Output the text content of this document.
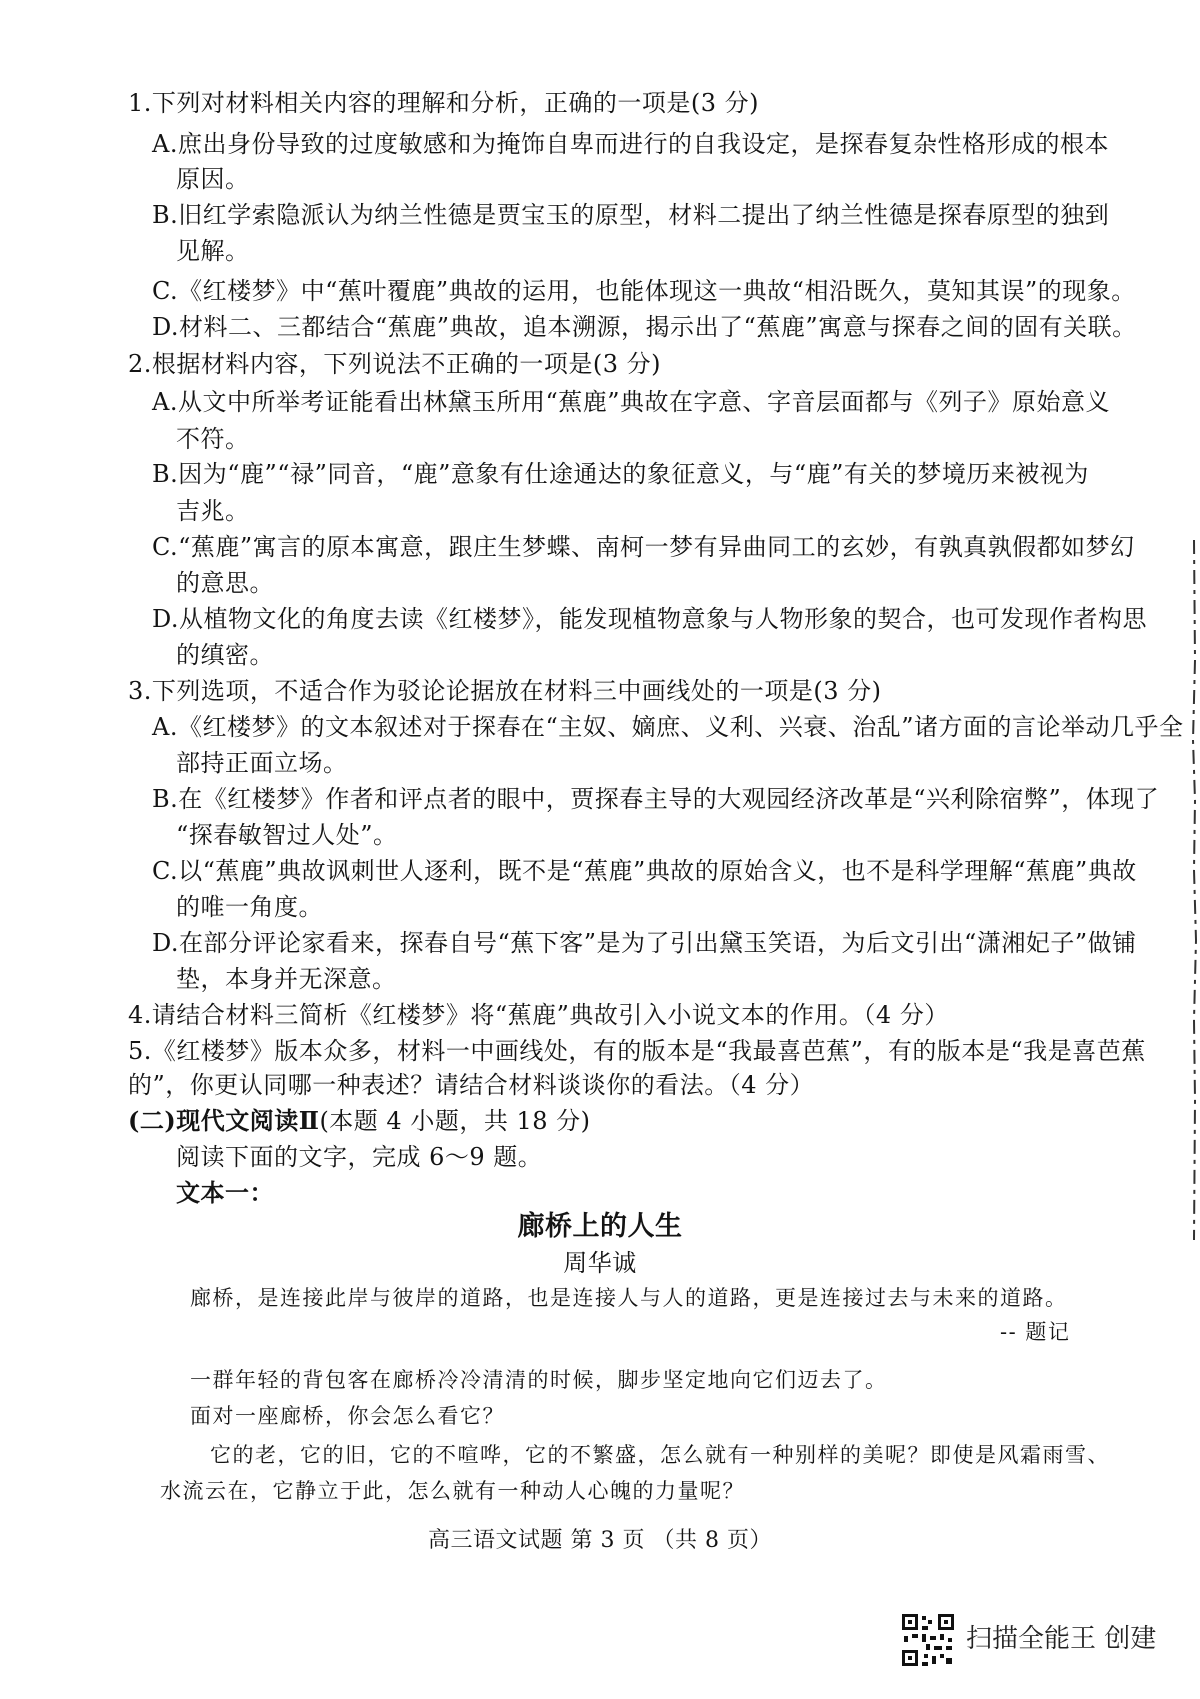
1.下列对材料相关内容的理解和分析，正确的一项是(3 分)
A.庶出身份导致的过度敏感和为掩饰自卑而进行的自我设定，是探春复杂性格形成的根本
原因。
B.旧红学索隐派认为纳兰性德是贾宝玉的原型，材料二提出了纳兰性德是探春原型的独到
见解。
C.《红楼梦》中“蕉叶覆鹿”典故的运用，也能体现这一典故“相沿既久，莫知其误”的现象。
D.材料二、三都结合“蕉鹿”典故，追本溯源，揭示出了“蕉鹿”寓意与探春之间的固有关联。
2.根据材料内容，下列说法不正确的一项是(3 分)
A.从文中所举考证能看出林黛玉所用“蕉鹿”典故在字意、字音层面都与《列子》原始意义
不符。
B.因为“鹿”“禄”同音，“鹿”意象有仕途通达的象征意义，与“鹿”有关的梦境历来被视为
吉兆。
C.“蕉鹿”寓言的原本寓意，跟庄生梦蝶、南柯一梦有异曲同工的玄妙，有孰真孰假都如梦幻
的意思。
D.从植物文化的角度去读《红楼梦》，能发现植物意象与人物形象的契合，也可发现作者构思
的缜密。
3.下列选项，不适合作为驳论论据放在材料三中画线处的一项是(3 分)
A.《红楼梦》的文本叙述对于探春在“主奴、嫡庶、义利、兴衰、治乱”诸方面的言论举动几乎全
部持正面立场。
B.在《红楼梦》作者和评点者的眼中，贾探春主导的大观园经济改革是“兴利除宿弊”，体现了
“探春敏智过人处”。
C.以“蕉鹿”典故讽刺世人逐利，既不是“蕉鹿”典故的原始含义，也不是科学理解“蕉鹿”典故
的唯一角度。
D.在部分评论家看来，探春自号“蕉下客”是为了引出黛玉笑语，为后文引出“潇湘妃子”做铺
垫，本身并无深意。
4.请结合材料三简析《红楼梦》将“蕉鹿”典故引入小说文本的作用。（4 分）
5.《红楼梦》版本众多，材料一中画线处，有的版本是“我最喜芭蕉”，有的版本是“我是喜芭蕉
的”，你更认同哪一种表述？请结合材料谈谈你的看法。（4 分）
(二)现代文阅读Ⅱ(本题 4 小题，共 18 分)
阅读下面的文字，完成 6～9 题。
文本一：
廊桥上的人生
周华诚
廊桥，是连接此岸与彼岸的道路，也是连接人与人的道路，更是连接过去与未来的道路。
-- 题记
一群年轻的背包客在廊桥冷冷清清的时候，脚步坚定地向它们迈去了。
面对一座廊桥，你会怎么看它？
它的老，它的旧，它的不喧哗，它的不繁盛，怎么就有一种别样的美呢？即使是风霜雨雪、
水流云在，它静立于此，怎么就有一种动人心魄的力量呢？
高三语文试题 第 3 页 （共 8 页）
扫描全能王 创建
